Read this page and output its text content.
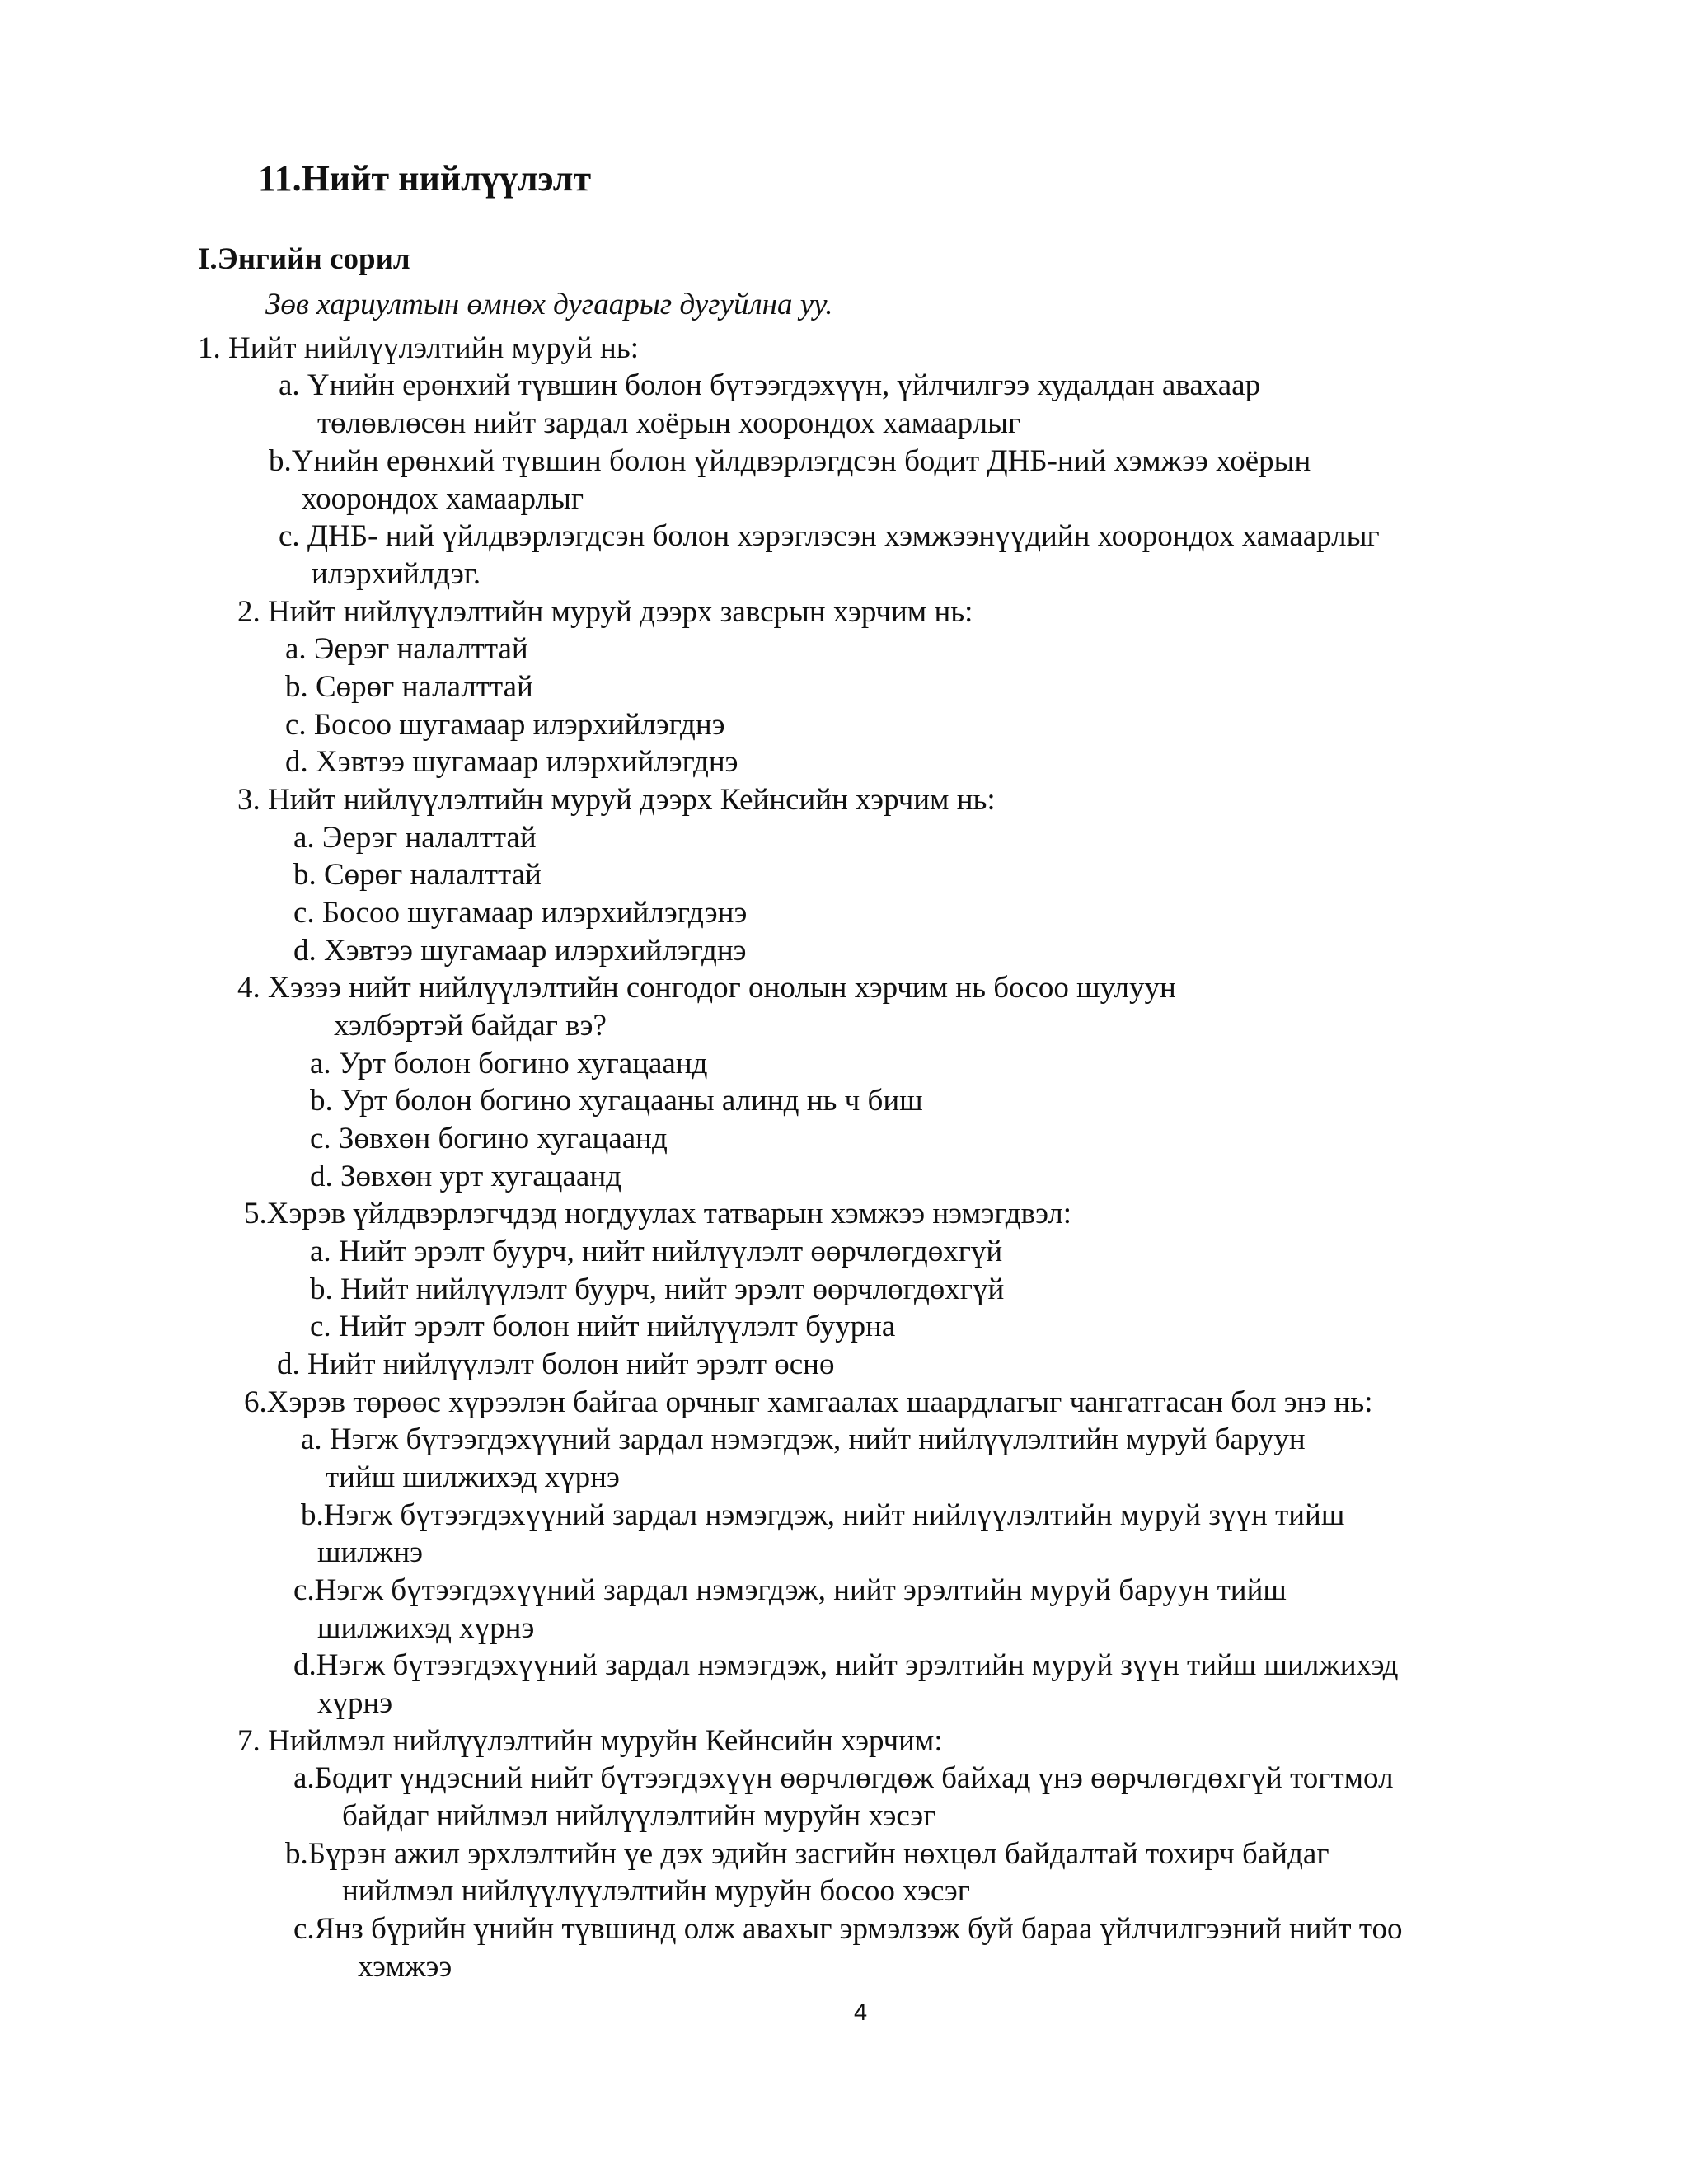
11.Нийт нийлүүлэлт
I.Энгийн сорил
Зөв хариултын өмнөх дугаарыг дугуйлна уу.
1. Нийт нийлүүлэлтийн муруй нь:
a. Үнийн ерөнхий түвшин болон бүтээгдэхүүн, үйлчилгээ худалдан авахаар
төлөвлөсөн нийт зардал хоёрын хоорондох хамаарлыг
b.Үнийн ерөнхий түвшин болон үйлдвэрлэгдсэн бодит ДНБ-ний хэмжээ хоёрын
хоорондох хамаарлыг
c. ДНБ- ний үйлдвэрлэгдсэн болон хэрэглэсэн хэмжээнүүдийн хоорондох хамаарлыг
илэрхийлдэг.
2. Нийт нийлүүлэлтийн муруй дээрх завсрын хэрчим нь:
a. Эерэг налалттай
b. Сөрөг налалттай
c. Босоо шугамаар илэрхийлэгднэ
d. Хэвтээ шугамаар илэрхийлэгднэ
3. Нийт нийлүүлэлтийн муруй дээрх Кейнсийн хэрчим нь:
a. Эерэг налалттай
b. Сөрөг налалттай
c. Босоо шугамаар илэрхийлэгдэнэ
d. Хэвтээ шугамаар илэрхийлэгднэ
4. Хэзээ нийт нийлүүлэлтийн сонгодог онолын хэрчим нь босоо шулуун
хэлбэртэй байдаг вэ?
a. Урт болон богино хугацаанд
b. Урт болон богино хугацааны алинд нь ч биш
c. Зөвхөн богино хугацаанд
d. Зөвхөн урт хугацаанд
5.Хэрэв үйлдвэрлэгчдэд ногдуулах татварын хэмжээ нэмэгдвэл:
a. Нийт эрэлт буурч, нийт нийлүүлэлт өөрчлөгдөхгүй
b. Нийт нийлүүлэлт буурч, нийт эрэлт өөрчлөгдөхгүй
c. Нийт эрэлт болон нийт нийлүүлэлт буурна
d. Нийт нийлүүлэлт болон нийт эрэлт өснө
6.Хэрэв төрөөс хүрээлэн байгаа орчныг хамгаалах шаардлагыг чангатгасан бол энэ нь:
a. Нэгж бүтээгдэхүүний зардал нэмэгдэж, нийт нийлүүлэлтийн муруй баруун
тийш шилжихэд хүрнэ
b.Нэгж бүтээгдэхүүний зардал нэмэгдэж, нийт нийлүүлэлтийн муруй зүүн тийш
шилжнэ
c.Нэгж бүтээгдэхүүний зардал нэмэгдэж, нийт эрэлтийн муруй баруун тийш
шилжихэд хүрнэ
d.Нэгж бүтээгдэхүүний зардал нэмэгдэж, нийт эрэлтийн муруй зүүн тийш шилжихэд
хүрнэ
7. Нийлмэл нийлүүлэлтийн муруйн Кейнсийн хэрчим:
a.Бодит үндэсний нийт бүтээгдэхүүн өөрчлөгдөж байхад үнэ өөрчлөгдөхгүй тогтмол
байдаг нийлмэл нийлүүлэлтийн муруйн хэсэг
b.Бүрэн ажил эрхлэлтийн үе дэх эдийн засгийн нөхцөл байдалтай тохирч байдаг
нийлмэл нийлүүлүүлэлтийн муруйн босоо хэсэг
c.Янз бүрийн үнийн түвшинд олж авахыг эрмэлзэж буй бараа үйлчилгээний нийт тоо
хэмжээ
4
